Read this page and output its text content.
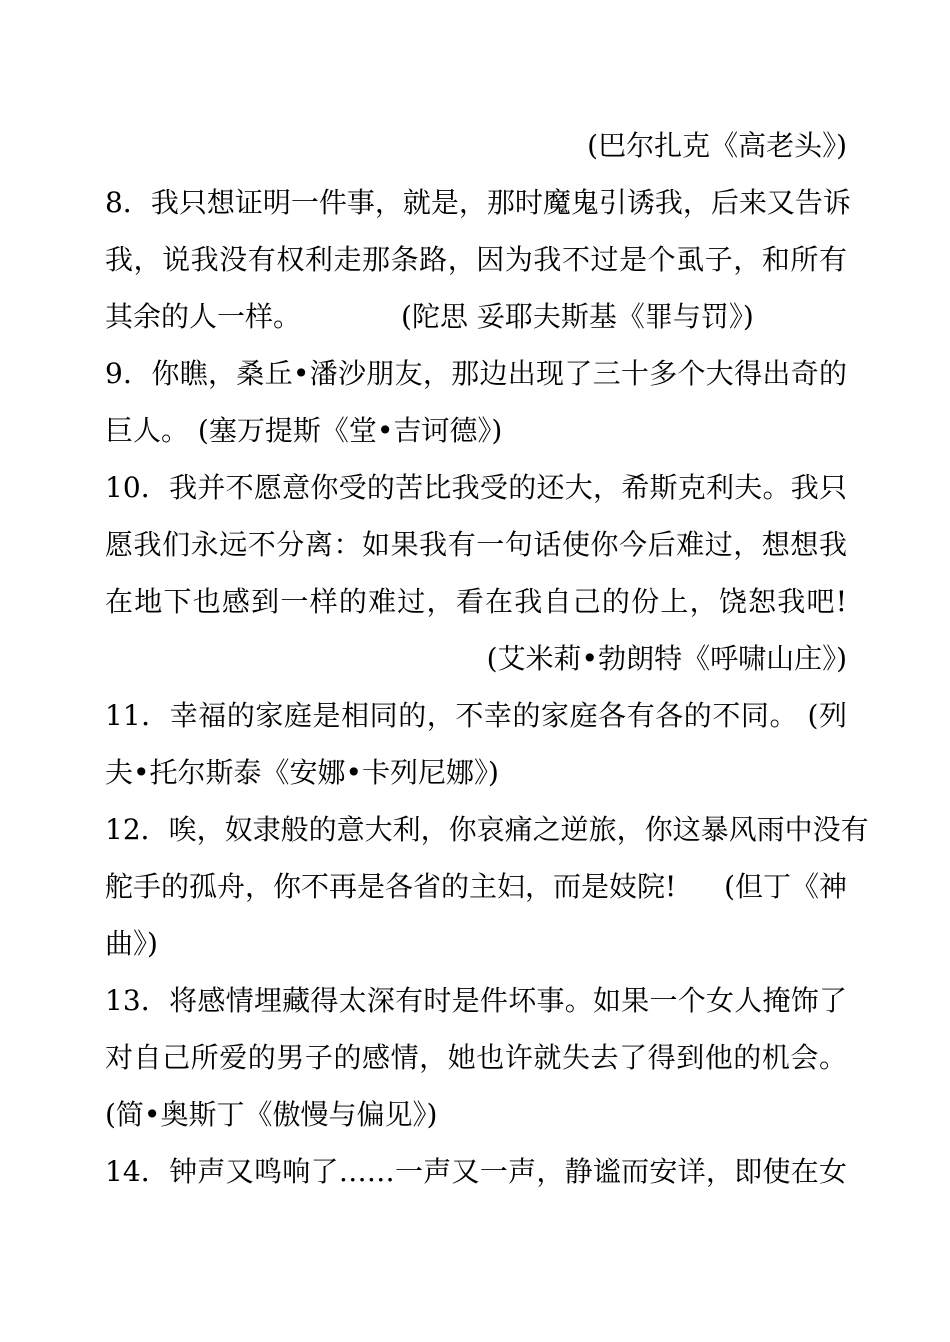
(巴尔扎克《高老头》)
8．我只想证明一件事，就是，那时魔鬼引诱我，后来又告诉
我，说我没有权利走那条路，因为我不过是个虱子，和所有
其余的人一样。	(陀思 妥耶夫斯基《罪与罚》)
9．你瞧，桑丘•潘沙朋友，那边出现了三十多个大得出奇的
巨人。 (塞万提斯《堂•吉诃德》)
10．我并不愿意你受的苦比我受的还大，希斯克利夫。我只
愿我们永远不分离：如果我有一句话使你今后难过，想想我
在地下也感到一样的难过，看在我自己的份上，饶恕我吧!
(艾米莉•勃朗特《呼啸山庄》)
11．幸福的家庭是相同的，不幸的家庭各有各的不同。 (列
夫•托尔斯泰《安娜•卡列尼娜》)
12．唉，奴隶般的意大利，你哀痛之逆旅，你这暴风雨中没有
舵手的孤舟，你不再是各省的主妇，而是妓院! (但丁《神
曲》)
13．将感情埋藏得太深有时是件坏事。如果一个女人掩饰了
对自己所爱的男子的感情，她也许就失去了得到他的机会。
(简•奥斯丁《傲慢与偏见》)
14．钟声又鸣响了……一声又一声，静谧而安详，即使在女
